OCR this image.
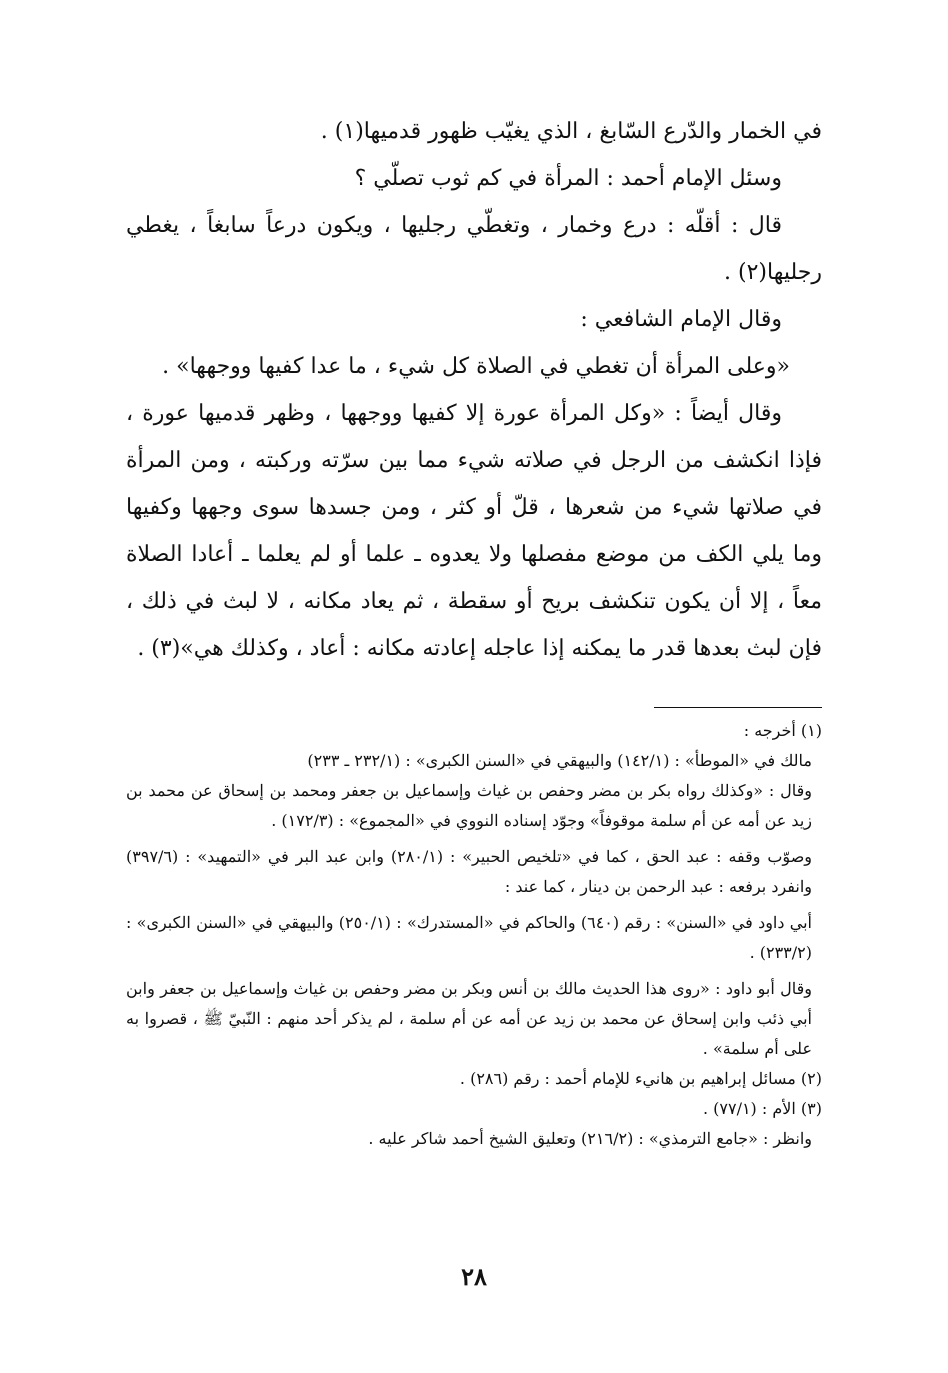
في الخمار والدّرع السّابغ ، الذي يغيّب ظهور قدميها(١) .

وسئل الإمام أحمد : المرأة في كم ثوب تصلّي ؟

قال : أقلّه : درع وخمار ، وتغطّي رجليها ، ويكون درعاً سابغاً ، يغطي رجليها(٢) .

وقال الإمام الشافعي :

«وعلى المرأة أن تغطي في الصلاة كل شيء ، ما عدا كفيها ووجهها» .

وقال أيضاً : «وكل المرأة عورة إلا كفيها ووجهها ، وظهر قدميها عورة ، فإذا انكشف من الرجل في صلاته شيء مما بين سرّته وركبته ، ومن المرأة في صلاتها شيء من شعرها ، قلّ أو كثر ، ومن جسدها سوى وجهها وكفيها وما يلي الكف من موضع مفصلها ولا يعدوه ـ علما أو لم يعلما ـ أعادا الصلاة معاً ، إلا أن يكون تنكشف بريح أو سقطة ، ثم يعاد مكانه ، لا لبث في ذلك ، فإن لبث بعدها قدر ما يمكنه إذا عاجله إعادته مكانه : أعاد ، وكذلك هي»(٣) .

(١) أخرجه :

مالك في «الموطأ» : (١٤٢/١) والبيهقي في «السنن الكبرى» : (٢٣٢/١ ـ ٢٣٣)

وقال : «وكذلك رواه بكر بن مضر وحفص بن غياث وإسماعيل بن جعفر ومحمد بن إسحاق عن محمد بن زيد عن أمه عن أم سلمة موقوفاً» وجوّد إسناده النووي في «المجموع» : (١٧٢/٣) .

وصوّب وقفه : عبد الحق ، كما في «تلخيص الحبير» : (٢٨٠/١) وابن عبد البر في «التمهيد» : (٣٩٧/٦) وانفرد برفعه : عبد الرحمن بن دينار ، كما عند :

أبي داود في «السنن» : رقم (٦٤٠) والحاكم في «المستدرك» : (٢٥٠/١) والبيهقي في «السنن الكبرى» : (٢٣٣/٢) .

وقال أبو داود : «روى هذا الحديث مالك بن أنس وبكر بن مضر وحفص بن غياث وإسماعيل بن جعفر وابن أبي ذئب وابن إسحاق عن محمد بن زيد عن أمه عن أم سلمة ، لم يذكر أحد منهم : النّبيّ ﷺ ، قصروا به على أم سلمة» .

(٢) مسائل إبراهيم بن هانيء للإمام أحمد : رقم (٢٨٦) .

(٣) الأم : (٧٧/١) .

وانظر : «جامع الترمذي» : (٢١٦/٢) وتعليق الشيخ أحمد شاكر عليه .

٢٨
